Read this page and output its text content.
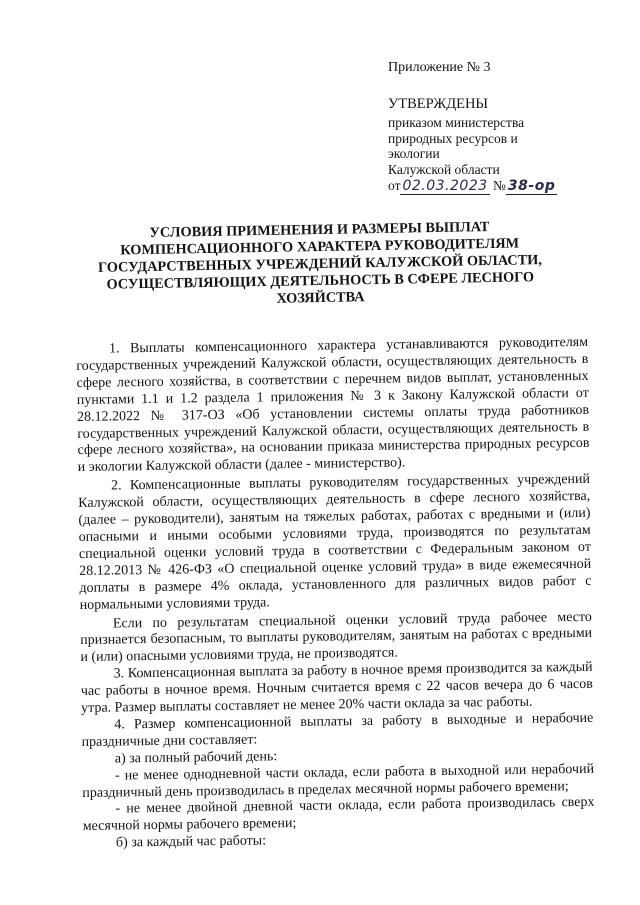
Приложение № 3
УТВЕРЖДЕНЫ
приказом министерства
природных ресурсов и
экологии
Калужской области
от 02.03.2023 № 38-ор
УСЛОВИЯ ПРИМЕНЕНИЯ И РАЗМЕРЫ ВЫПЛАТ КОМПЕНСАЦИОННОГО ХАРАКТЕРА РУКОВОДИТЕЛЯМ ГОСУДАРСТВЕННЫХ УЧРЕЖДЕНИЙ КАЛУЖСКОЙ ОБЛАСТИ, ОСУЩЕСТВЛЯЮЩИХ ДЕЯТЕЛЬНОСТЬ В СФЕРЕ ЛЕСНОГО ХОЗЯЙСТВА

1. Выплаты компенсационного характера устанавливаются руководителям государственных учреждений Калужской области, осуществляющих деятельность в сфере лесного хозяйства, в соответствии с перечнем видов выплат, установленных пунктами 1.1 и 1.2 раздела 1 приложения № 3 к Закону Калужской области от 28.12.2022 № 317-ОЗ «Об установлении системы оплаты труда работников государственных учреждений Калужской области, осуществляющих деятельность в сфере лесного хозяйства», на основании приказа министерства природных ресурсов и экологии Калужской области (далее - министерство).

2. Компенсационные выплаты руководителям государственных учреждений Калужской области, осуществляющих деятельность в сфере лесного хозяйства, (далее – руководители), занятым на тяжелых работах, работах с вредными и (или) опасными и иными особыми условиями труда, производятся по результатам специальной оценки условий труда в соответствии с Федеральным законом от 28.12.2013 № 426-ФЗ «О специальной оценке условий труда» в виде ежемесячной доплаты в размере 4% оклада, установленного для различных видов работ с нормальными условиями труда.

Если по результатам специальной оценки условий труда рабочее место признается безопасным, то выплаты руководителям, занятым на работах с вредными и (или) опасными условиями труда, не производятся.

3. Компенсационная выплата за работу в ночное время производится за каждый час работы в ночное время. Ночным считается время с 22 часов вечера до 6 часов утра. Размер выплаты составляет не менее 20% части оклада за час работы.

4. Размер компенсационной выплаты за работу в выходные и нерабочие праздничные дни составляет:

а) за полный рабочий день:

- не менее однодневной части оклада, если работа в выходной или нерабочий праздничный день производилась в пределах месячной нормы рабочего времени;

- не менее двойной дневной части оклада, если работа производилась сверх месячной нормы рабочего времени;

б) за каждый час работы:
